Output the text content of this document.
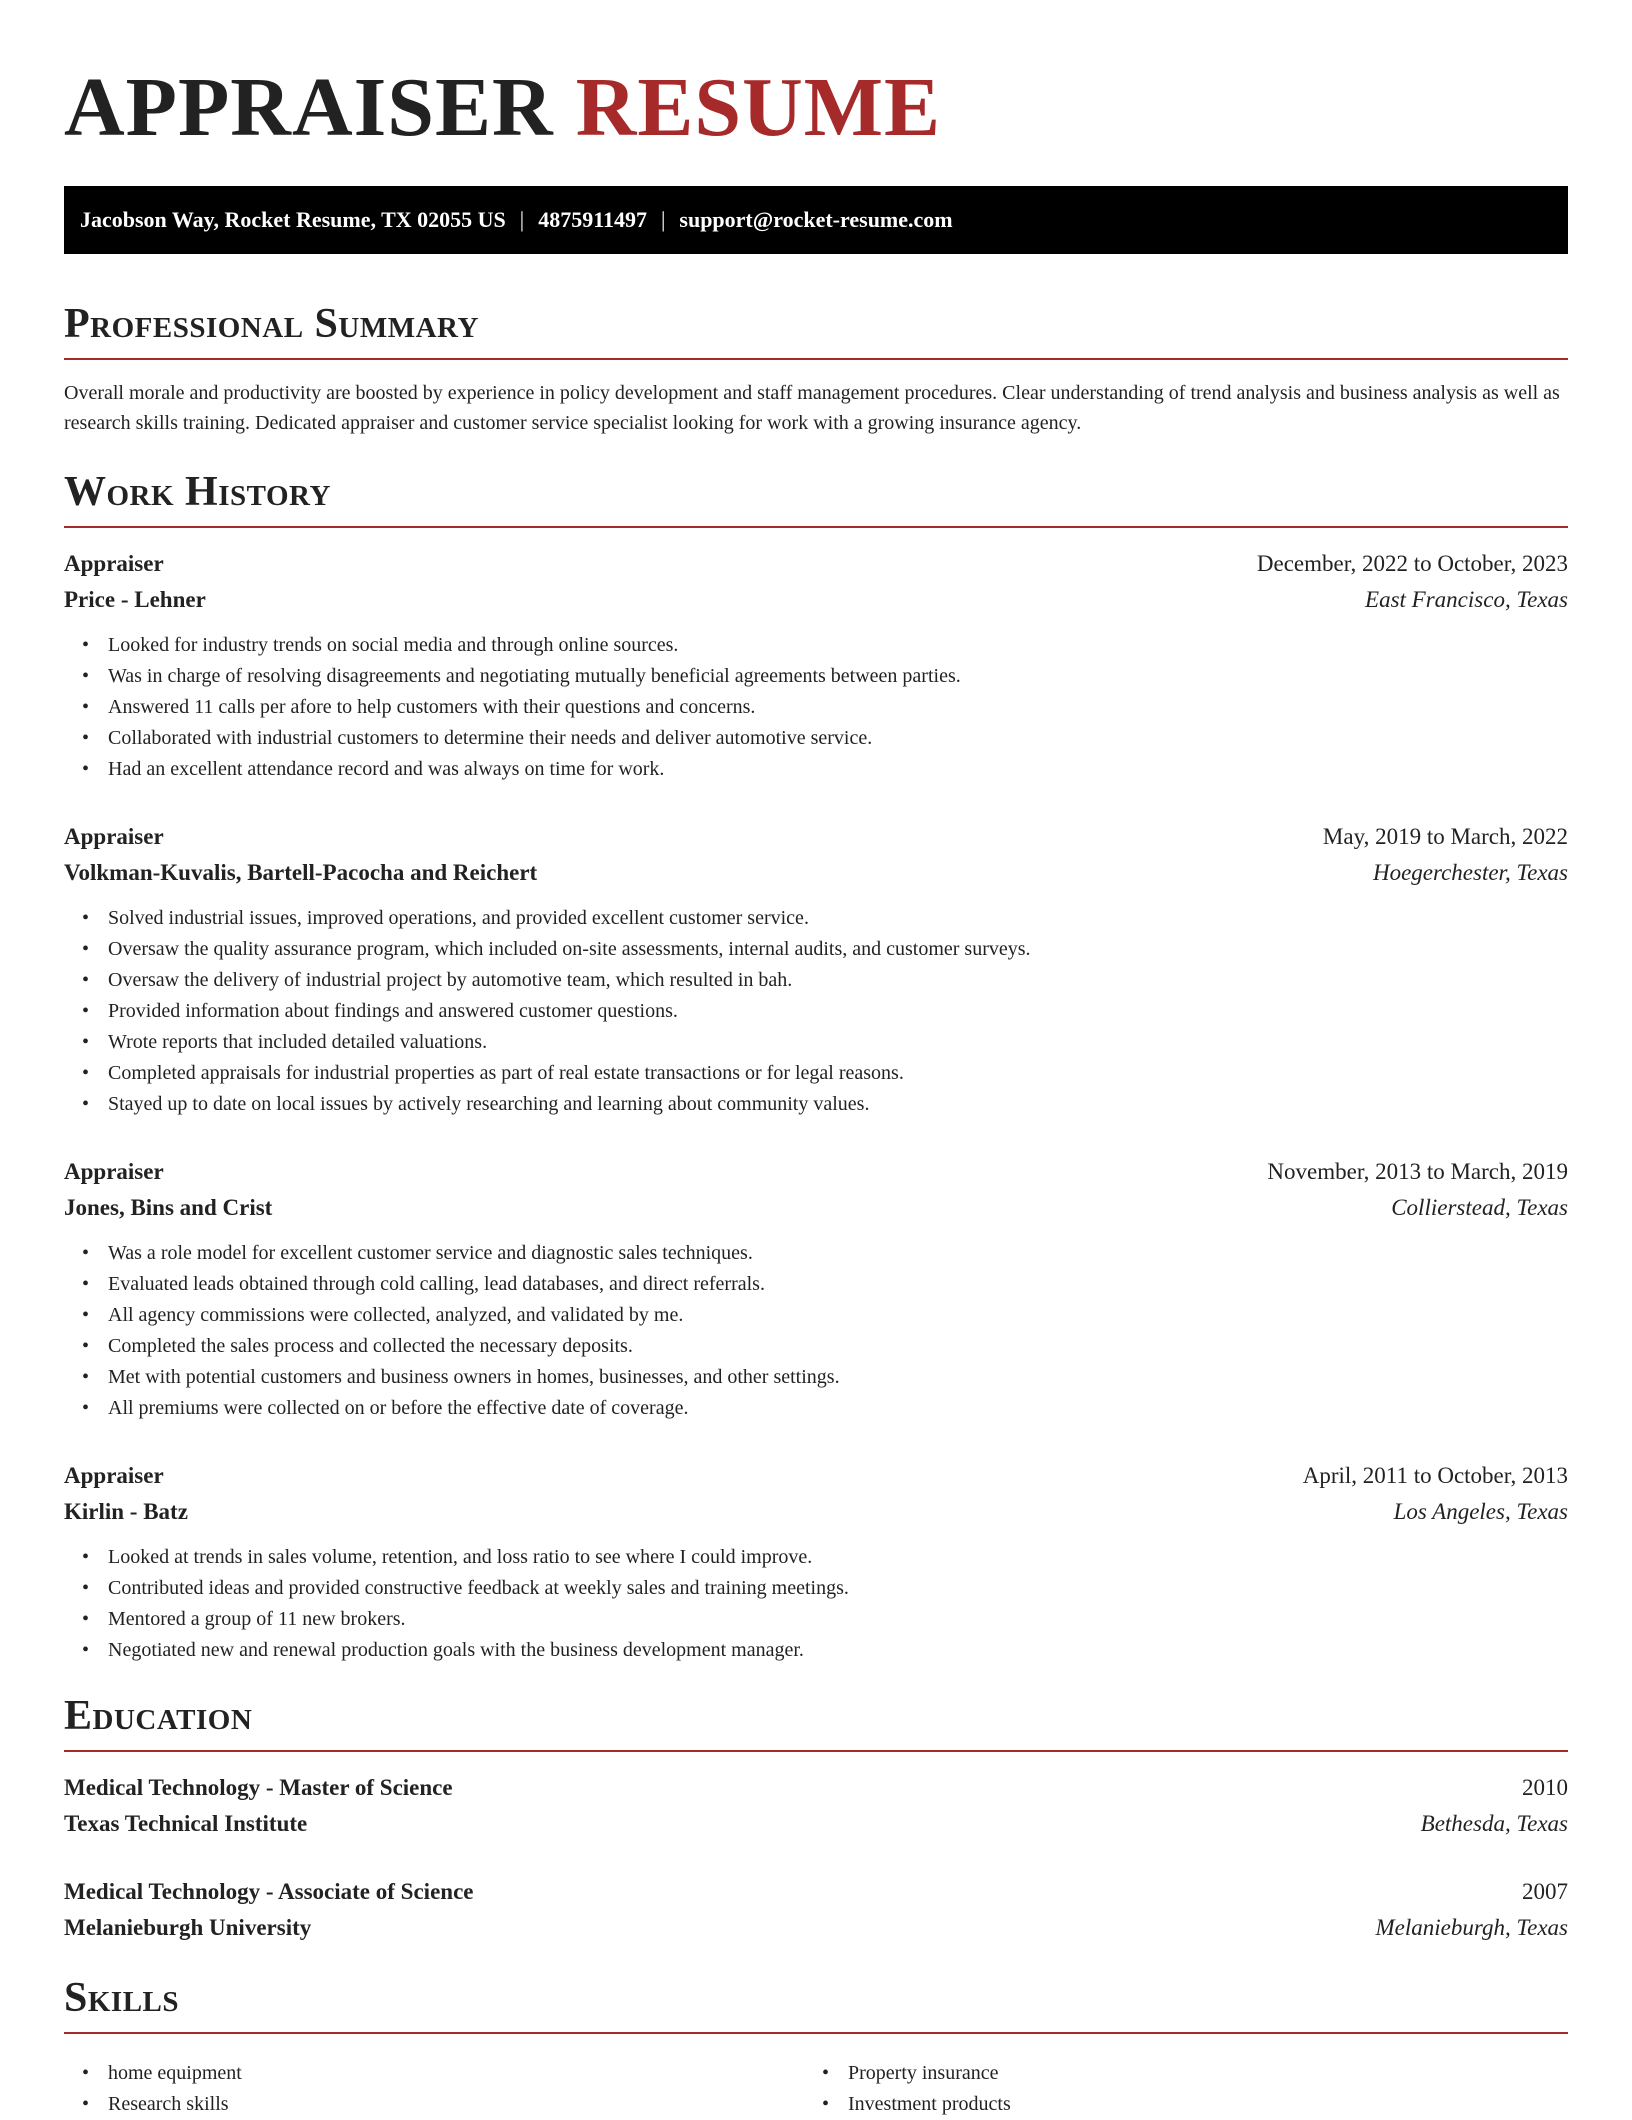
APPRAISER RESUME
Jacobson Way, Rocket Resume, TX 02055 US | 4875911497 | support@rocket-resume.com
Professional Summary

Overall morale and productivity are boosted by experience in policy development and staff management procedures. Clear understanding of trend analysis and business analysis as well as research skills training. Dedicated appraiser and customer service specialist looking for work with a growing insurance agency.

Work History
Appraiser	December, 2022 to October, 2023
Price - Lehner	East Francisco, Texas
• Looked for industry trends on social media and through online sources.
• Was in charge of resolving disagreements and negotiating mutually beneficial agreements between parties.
• Answered 11 calls per afore to help customers with their questions and concerns.
• Collaborated with industrial customers to determine their needs and deliver automotive service.
• Had an excellent attendance record and was always on time for work.
Appraiser	May, 2019 to March, 2022
Volkman-Kuvalis, Bartell-Pacocha and Reichert	Hoegerchester, Texas
• Solved industrial issues, improved operations, and provided excellent customer service.
• Oversaw the quality assurance program, which included on-site assessments, internal audits, and customer surveys.
• Oversaw the delivery of industrial project by automotive team, which resulted in bah.
• Provided information about findings and answered customer questions.
• Wrote reports that included detailed valuations.
• Completed appraisals for industrial properties as part of real estate transactions or for legal reasons.
• Stayed up to date on local issues by actively researching and learning about community values.
Appraiser	November, 2013 to March, 2019
Jones, Bins and Crist	Collierstead, Texas
• Was a role model for excellent customer service and diagnostic sales techniques.
• Evaluated leads obtained through cold calling, lead databases, and direct referrals.
• All agency commissions were collected, analyzed, and validated by me.
• Completed the sales process and collected the necessary deposits.
• Met with potential customers and business owners in homes, businesses, and other settings.
• All premiums were collected on or before the effective date of coverage.
Appraiser	April, 2011 to October, 2013
Kirlin - Batz	Los Angeles, Texas
• Looked at trends in sales volume, retention, and loss ratio to see where I could improve.
• Contributed ideas and provided constructive feedback at weekly sales and training meetings.
• Mentored a group of 11 new brokers.
• Negotiated new and renewal production goals with the business development manager.
Education
Medical Technology - Master of Science	2010
Texas Technical Institute	Bethesda, Texas
Medical Technology - Associate of Science	2007
Melanieburgh University	Melanieburgh, Texas
Skills
• home equipment
• Research skills
• Property insurance
• Investment products
